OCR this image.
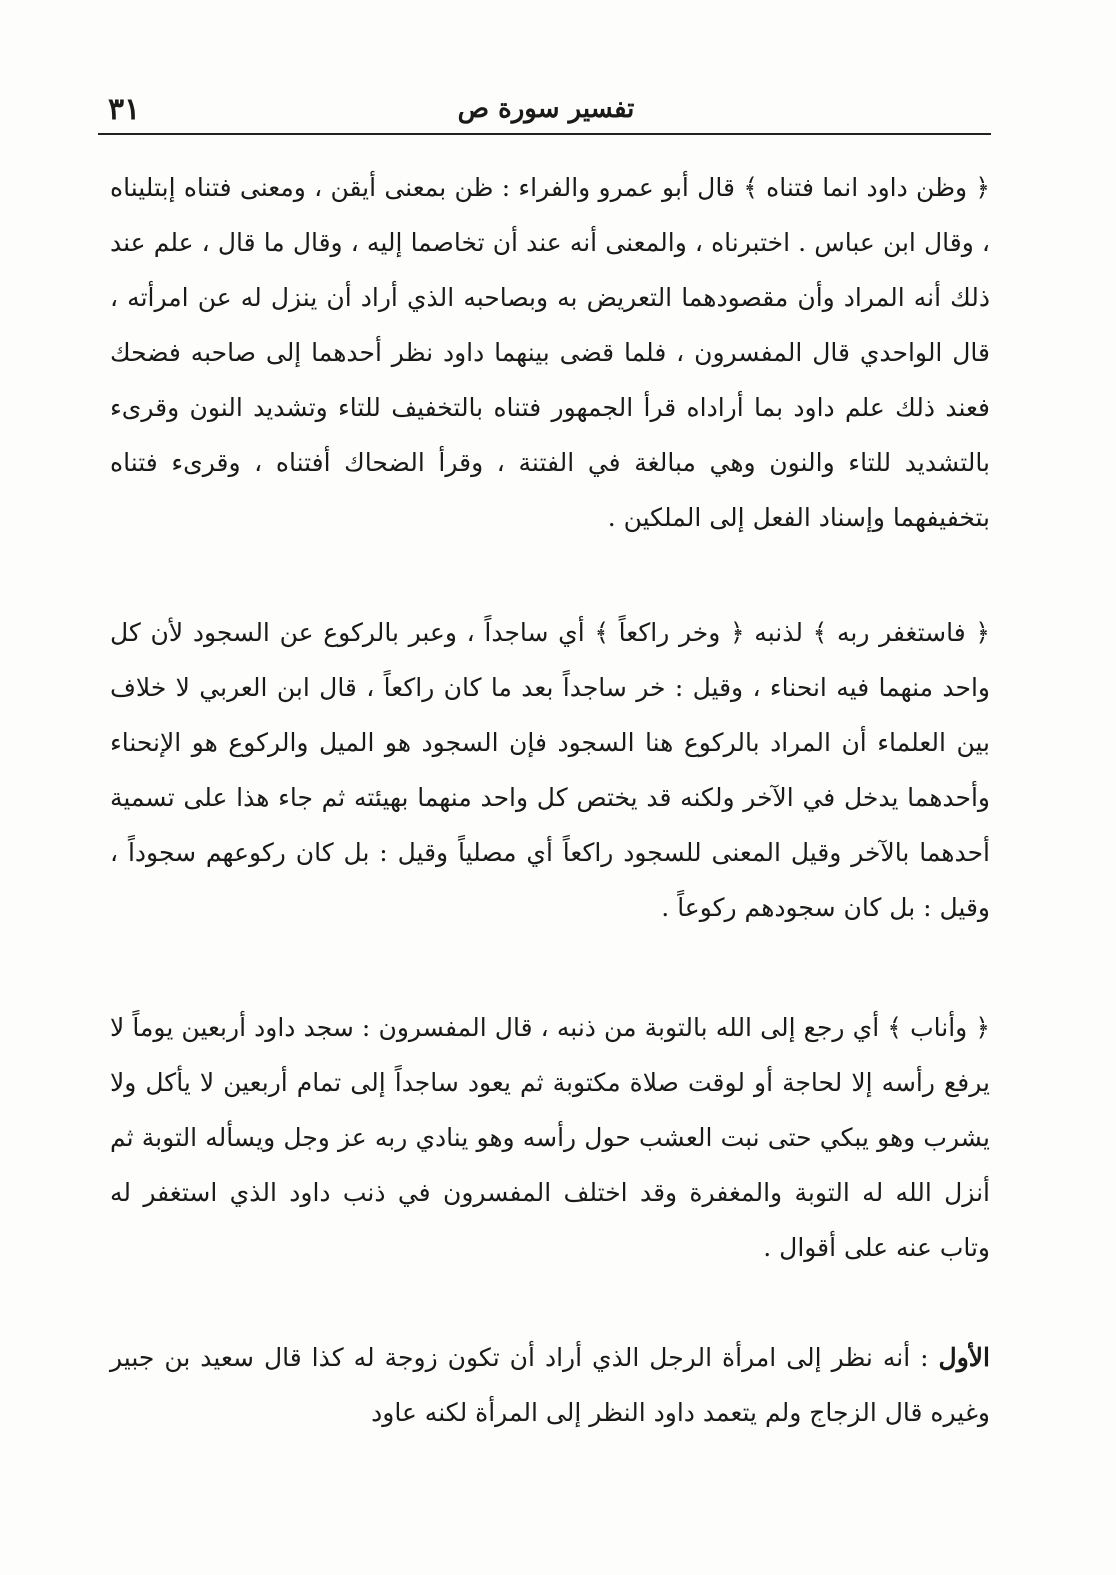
٣١	تفسير سورة ص

﴿ وظن داود انما فتناه ﴾ قال أبو عمرو والفراء : ظن بمعنى أيقن ، ومعنى فتناه إبتليناه ، وقال ابن عباس . اختبرناه ، والمعنى أنه عند أن تخاصما إليه ، وقال ما قال ، علم عند ذلك أنه المراد وأن مقصودهما التعريض به وبصاحبه الذي أراد أن ينزل له عن امرأته ، قال الواحدي قال المفسرون ، فلما قضى بينهما داود نظر أحدهما إلى صاحبه فضحك فعند ذلك علم داود بما أراداه قرأ الجمهور فتناه بالتخفيف للتاء وتشديد النون وقرىء بالتشديد للتاء والنون وهي مبالغة في الفتنة ، وقرأ الضحاك أفتناه ، وقرىء فتناه بتخفيفهما وإسناد الفعل إلى الملكين .

﴿ فاستغفر ربه ﴾ لذنبه ﴿ وخر راكعاً ﴾ أي ساجداً ، وعبر بالركوع عن السجود لأن كل واحد منهما فيه انحناء ، وقيل : خر ساجداً بعد ما كان راكعاً ، قال ابن العربي لا خلاف بين العلماء أن المراد بالركوع هنا السجود فإن السجود هو الميل والركوع هو الإنحناء وأحدهما يدخل في الآخر ولكنه قد يختص كل واحد منهما بهيئته ثم جاء هذا على تسمية أحدهما بالآخر وقيل المعنى للسجود راكعاً أي مصلياً وقيل : بل كان ركوعهم سجوداً ، وقيل : بل كان سجودهم ركوعاً .

﴿ وأناب ﴾ أي رجع إلى الله بالتوبة من ذنبه ، قال المفسرون : سجد داود أربعين يوماً لا يرفع رأسه إلا لحاجة أو لوقت صلاة مكتوبة ثم يعود ساجداً إلى تمام أربعين لا يأكل ولا يشرب وهو يبكي حتى نبت العشب حول رأسه وهو ينادي ربه عز وجل ويسأله التوبة ثم أنزل الله له التوبة والمغفرة وقد اختلف المفسرون في ذنب داود الذي استغفر له وتاب عنه على أقوال .

الأول : أنه نظر إلى امرأة الرجل الذي أراد أن تكون زوجة له كذا قال سعيد بن جبير وغيره قال الزجاج ولم يتعمد داود النظر إلى المرأة لكنه عاود
